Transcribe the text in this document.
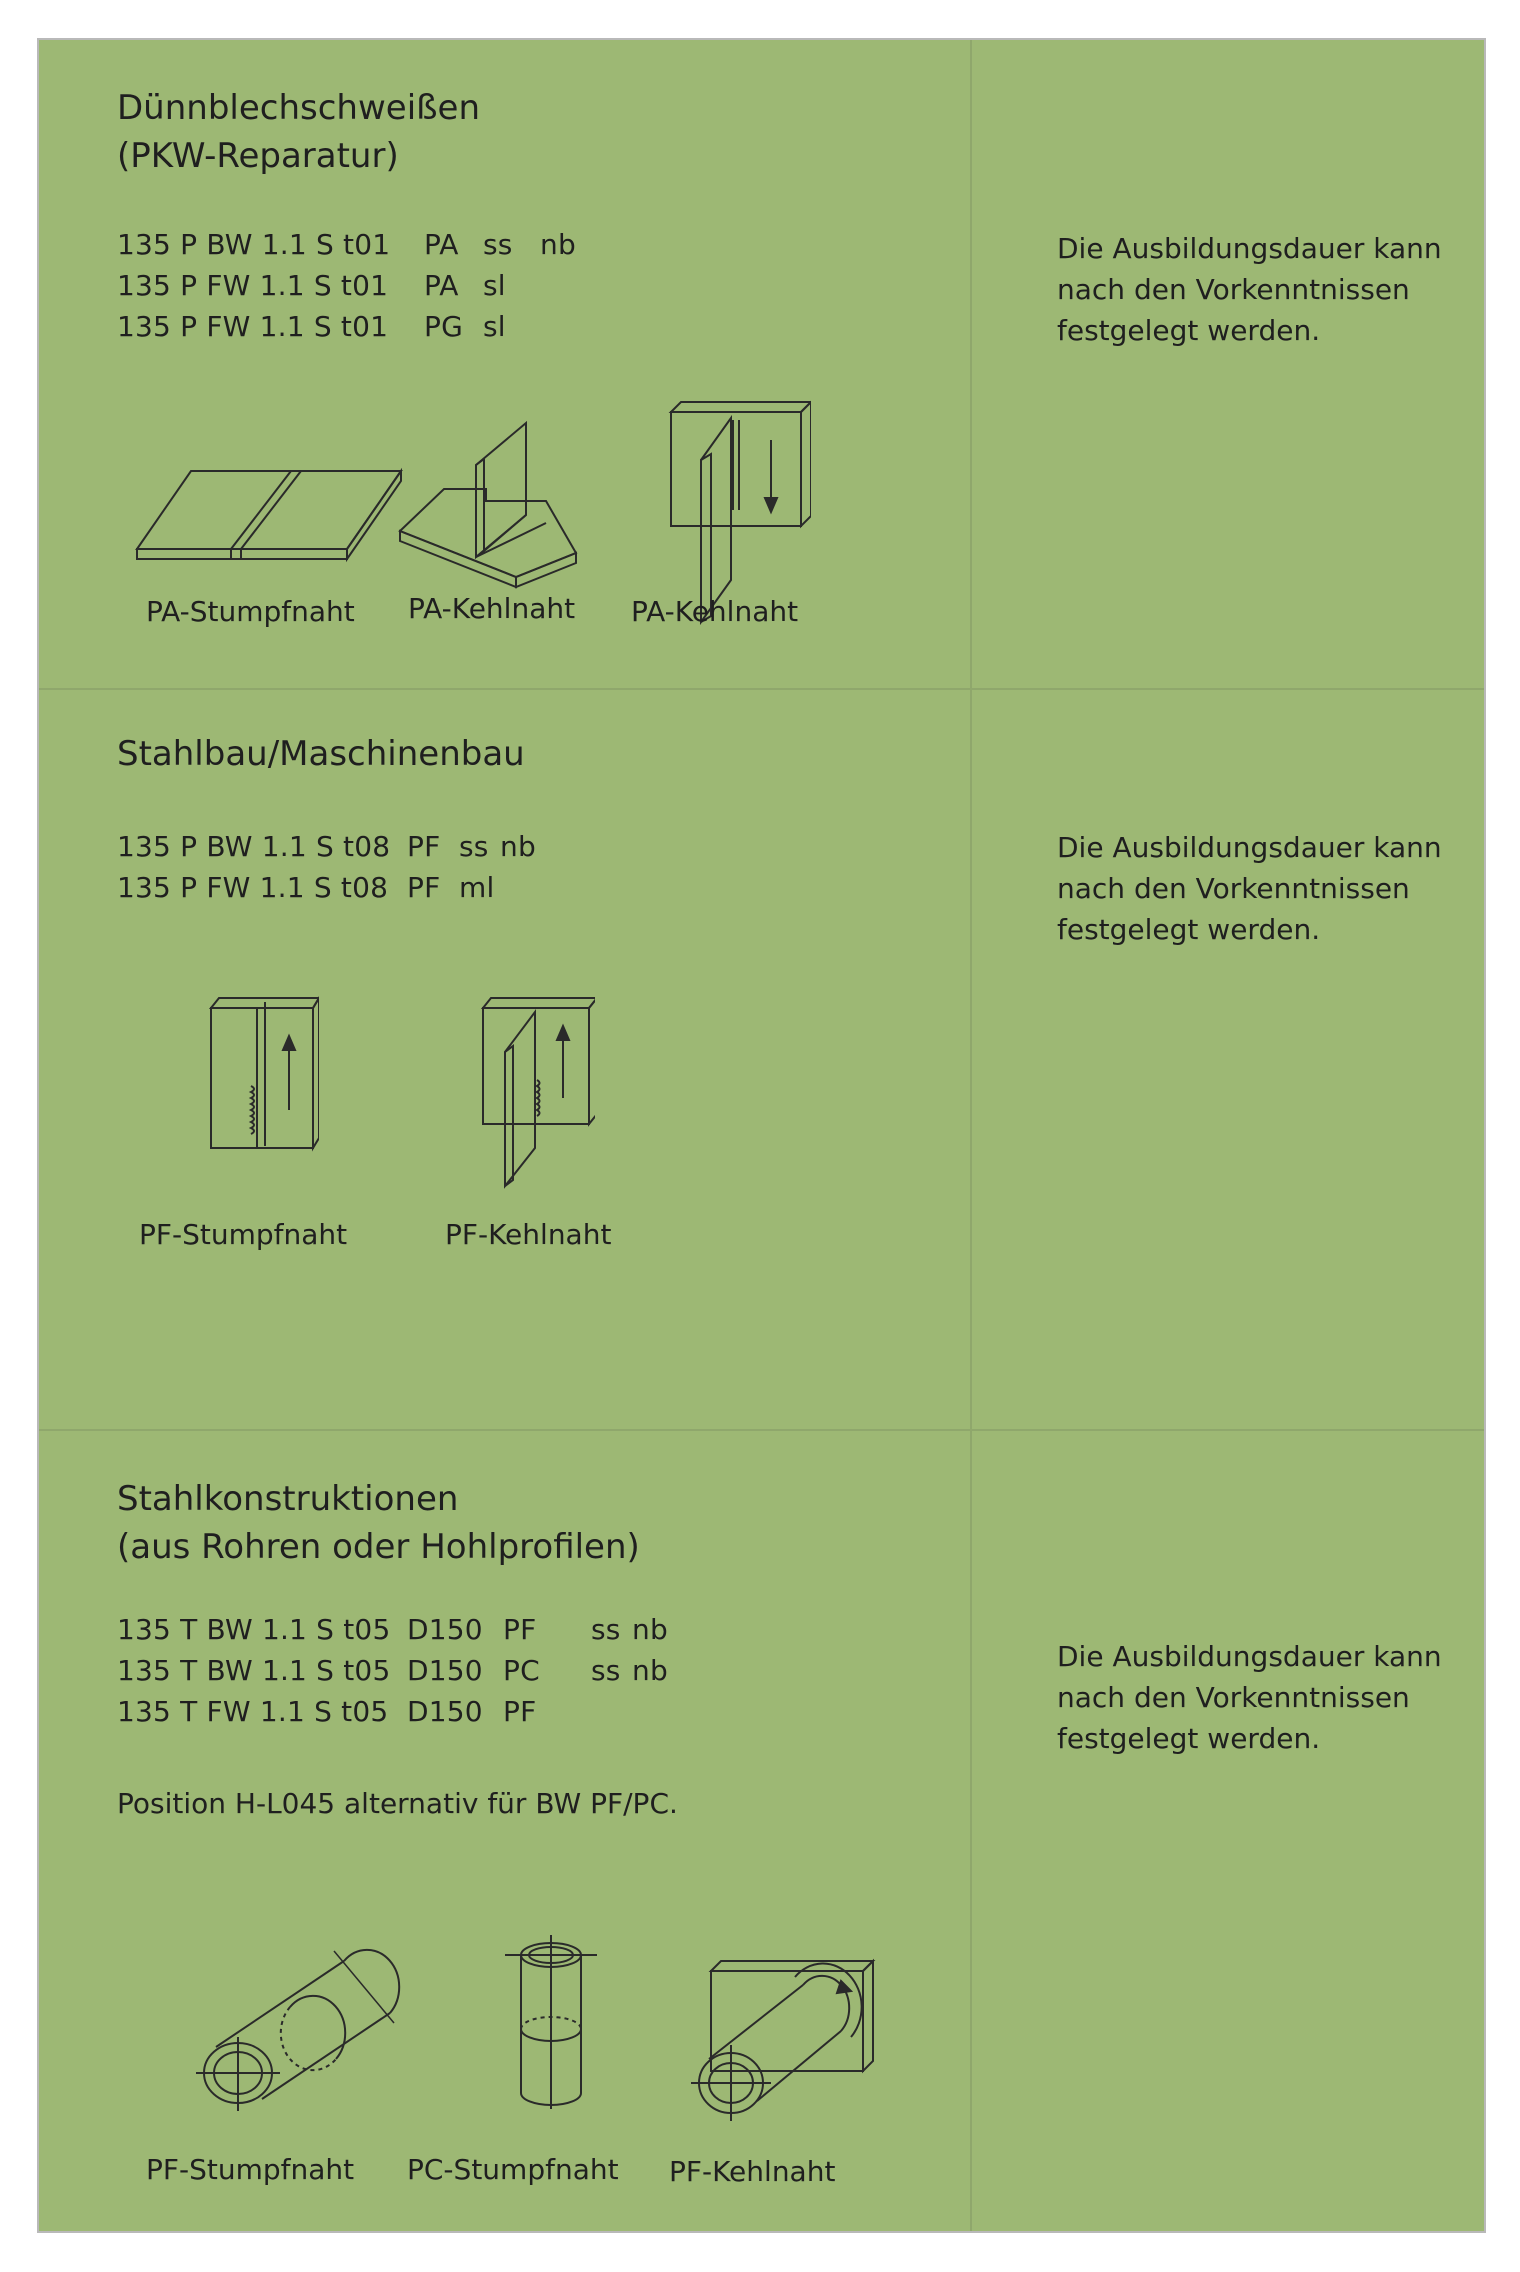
Dünnblechschweißen
(PKW-Reparatur)
135 P BW 1.1 S t01 PA ss nb
135 P FW 1.1 S t01 PA sl
135 P FW 1.1 S t01 PG sl
PA-Stumpfnaht PA-Kehlnaht PA-Kehlnaht
Stahlbau/Maschinenbau
135 P BW 1.1 S t08 PF ss nb
135 P FW 1.1 S t08 PF ml
PF-Stumpfnaht	PF-Kehlnaht
Stahlkonstruktionen
(aus Rohren oder Hohlprofilen)
135 T BW 1.1 S t05 D150 PF ss nb
135 T BW 1.1 S t05 D150 PC ss nb
135 T FW 1.1 S t05 D150 PF
Position H-L045 alternativ für BW PF/PC.
PF-Stumpfnaht PC-Stumpfnaht PF-Kehlnaht
Die Ausbildungsdauer kann
nach den Vorkenntnissen
festgelegt werden.
Die Ausbildungsdauer kann
nach den Vorkenntnissen
festgelegt werden.
Die Ausbildungsdauer kann
nach den Vorkenntnissen
festgelegt werden.
